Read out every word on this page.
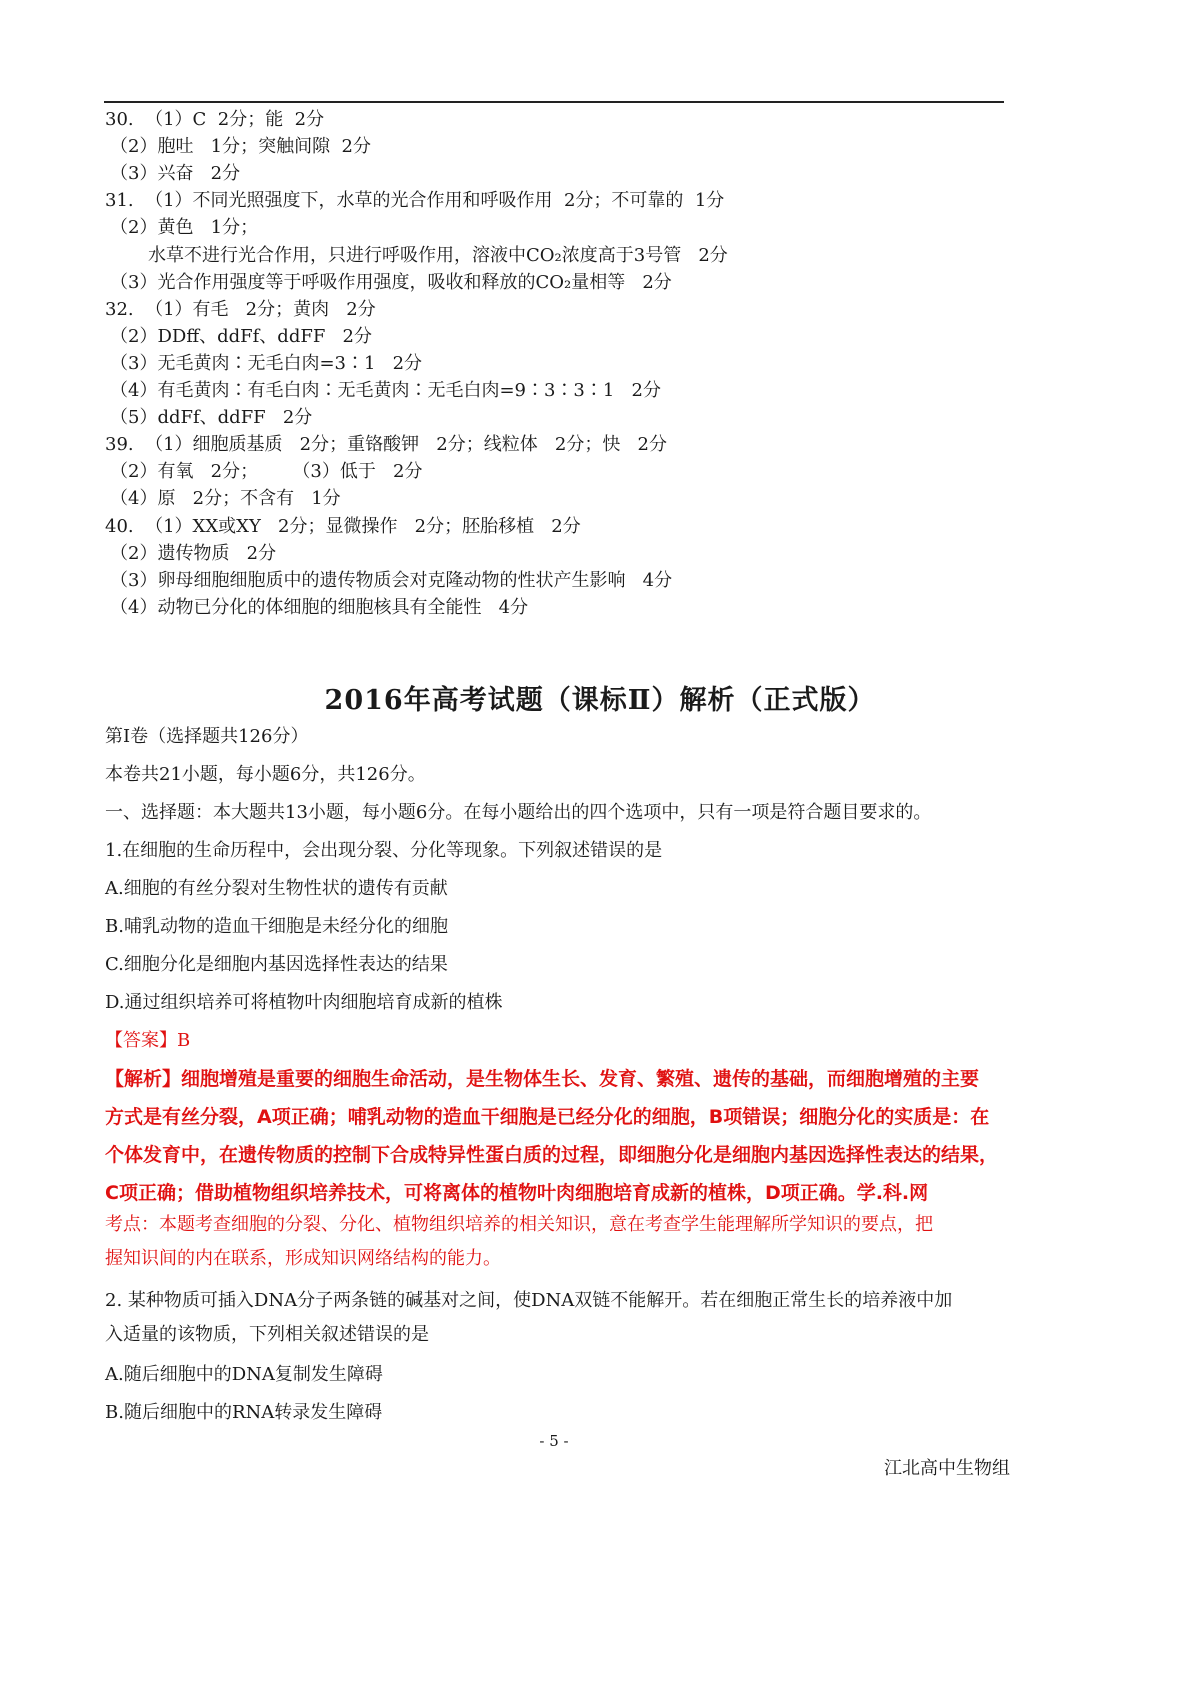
30.  （1）C  2分；能  2分
（2）胞吐   1分；突触间隙  2分
（3）兴奋   2分
31.  （1）不同光照强度下，水草的光合作用和呼吸作用  2分；不可靠的  1分
（2）黄色   1分；
水草不进行光合作用，只进行呼吸作用，溶液中CO₂浓度高于3号管   2分
（3）光合作用强度等于呼吸作用强度，吸收和释放的CO₂量相等   2分
32.  （1）有毛   2分；黄肉   2分
（2）DDff、ddFf、ddFF   2分
（3）无毛黄肉∶无毛白肉=3∶1   2分
（4）有毛黄肉∶有毛白肉∶无毛黄肉∶无毛白肉=9∶3∶3∶1   2分
（5）ddFf、ddFF   2分
39.  （1）细胞质基质   2分；重铬酸钾   2分；线粒体   2分；快   2分
（2）有氧   2分；      （3）低于   2分
（4）原   2分；不含有   1分
40.  （1）XX或XY   2分；显微操作   2分；胚胎移植   2分
（2）遗传物质   2分
（3）卵母细胞细胞质中的遗传物质会对克隆动物的性状产生影响   4分
（4）动物已分化的体细胞的细胞核具有全能性   4分
2016年高考试题（课标Ⅱ）解析（正式版）
第Ⅰ卷（选择题共126分）
本卷共21小题，每小题6分，共126分。
一、选择题：本大题共13小题，每小题6分。在每小题给出的四个选项中，只有一项是符合题目要求的。
1.在细胞的生命历程中，会出现分裂、分化等现象。下列叙述错误的是
A.细胞的有丝分裂对生物性状的遗传有贡献
B.哺乳动物的造血干细胞是未经分化的细胞
C.细胞分化是细胞内基因选择性表达的结果
D.通过组织培养可将植物叶肉细胞培育成新的植株
【答案】B
【解析】细胞增殖是重要的细胞生命活动，是生物体生长、发育、繁殖、遗传的基础，而细胞增殖的主要
方式是有丝分裂，A项正确；哺乳动物的造血干细胞是已经分化的细胞，B项错误；细胞分化的实质是：在
个体发育中，在遗传物质的控制下合成特异性蛋白质的过程，即细胞分化是细胞内基因选择性表达的结果，
C项正确；借助植物组织培养技术，可将离体的植物叶肉细胞培育成新的植株，D项正确。学.科.网
考点：本题考查细胞的分裂、分化、植物组织培养的相关知识，意在考查学生能理解所学知识的要点，把
握知识间的内在联系，形成知识网络结构的能力。
2. 某种物质可插入DNA分子两条链的碱基对之间，使DNA双链不能解开。若在细胞正常生长的培养液中加
入适量的该物质，下列相关叙述错误的是
A.随后细胞中的DNA复制发生障碍
B.随后细胞中的RNA转录发生障碍
- 5 -
江北高中生物组
